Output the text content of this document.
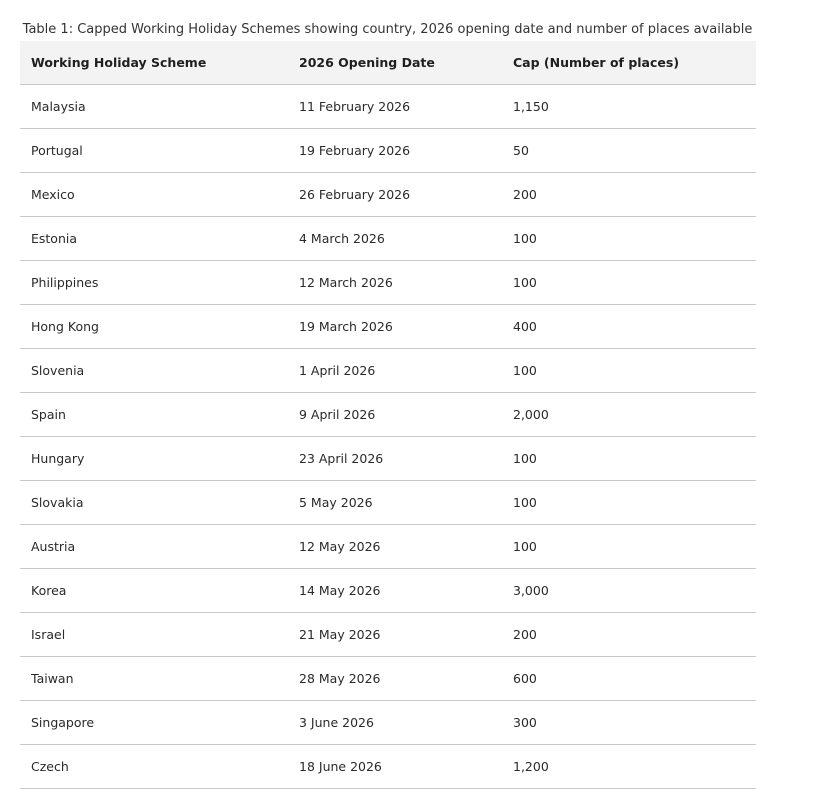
Table 1: Capped Working Holiday Schemes showing country, 2026 opening date and number of places available
Working Holiday Scheme	2026 Opening Date	Cap (Number of places)
Malaysia	11 February 2026	1,150
Portugal	19 February 2026	50
Mexico	26 February 2026	200
Estonia	4 March 2026	100
Philippines	12 March 2026	100
Hong Kong	19 March 2026	400
Slovenia	1 April 2026	100
Spain	9 April 2026	2,000
Hungary	23 April 2026	100
Slovakia	5 May 2026	100
Austria	12 May 2026	100
Korea	14 May 2026	3,000
Israel	21 May 2026	200
Taiwan	28 May 2026	600
Singapore	3 June 2026	300
Czech	18 June 2026	1,200
